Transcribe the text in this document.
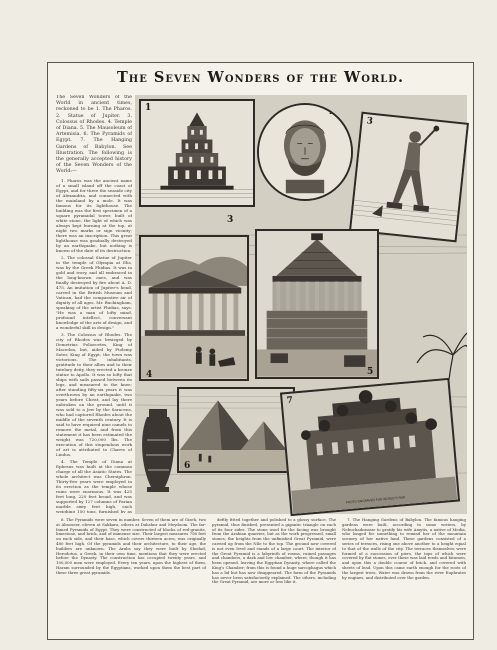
The Seven Wonders of the World.

The Seven Wonders of the World in ancient times, reckoned to be 1. The Pharos. 2. Statue of Jupiter. 3. Colossus of Rhodes. 4. Temple of Diana. 5. The Mausoleum of Artemisia. 6. The Pyramids of Egypt. 7. The Hanging Gardens of Babylon. See Illustration. The following is the generally accepted history of the Seven Wonders of the World:—

1. Pharos was the ancient name of a small island off the coast of Egypt, and for three the seaside city of Alexandria, and connected with the mainland by a mole. It was famous for its lighthouse. The building was the first specimen of a square pyramidal tower, built of white stone, the light of which was always kept burning at the top, at night two marks or sign vicinity; there was an inscription. This great lighthouse was gradually destroyed by an earthquake, but nothing is known of the date of its destruction.

2. The colossal Statue of Jupiter in the temple of Olympia at Elis, was by the Greek Phidias. It was in gold and ivory, and all embraced in the long-known ones, and was finally destroyed by fire about A. D. 475. An imitation of Jupiter's head, carved in the British Museum and Vatican, had the comparative air of dignity of all ages. Mr. Buckingham, speaking of the artist Phidias, says: "He was a man of lofty mind, profound intellect, conversant knowledge of the arts of design, and a wonderful skill in design."

3. The Colossus of Rhodes. The city of Rhodes was besieged by Demetrius Poliorcetes, King of Macedon, but, aided by Ptolemy Soter, King of Egypt, the town was victorious. The inhabitants, gratitude to their allies and to their tutelary deity, they erected a bronze statue to Apollo. It was so lofty that ships with sails passed between its legs, and measured to the knee; after standing fifty-six years it was overthrown by an earthquake, two years before Christ, and lay there unbroken on the ground, until it was sold to a Jew by the Saracens, who had captured Rhodes about the middle of the seventh century. It is said to have required nine camels to remove the metal, and from this statement it has been estimated the weight was 720,000 lbs. The execution of this stupendous work of art is attributed to Chares of Lindus.

4. The Temple of Diana at Ephesus was built at the common charge of all the Asiatic States. The whole architect was Chersiphron. Thirty-five years were employed in its erection as the temple whose ruins were enormous. It was 425 feet long, 220 feet broad, and was supported by 127 columns of Parian marble sixty feet high, each weighing 150 tons, furnished by as

1	2
3
3
4	5
6
PHOTO-ENGRAVED FOR WORLD'S FAIR
7

6. The Pyramids were seven in number. Seven of them are of Gizeh, two at Abooseer, eleven at Sakkara, others at Dahshur and Meydoom. The far-famed Pyramids of Egypt. They were constructed of blocks of red-granite, limestone, and brick, and of immense size. Their largest measures 756 feet on each side, and their base, which covers thirteen acres, was originally 480 feet high. Of the pyramids and their architecture, to their age, the builders are unknown. The Arabs say they were built by Shedad; Herodotus, a Greek, in their own time, mentions that they were erected before the Dynasty. The construction has occupied twenty years, and 100,000 men were employed. Every ten years, upon the highest of them, Haram surrounded by the Egyptians, worked upon them the best part of these three great pyramids.

deftly fitted together and polished to a glossy surface. The pyramid, thus finished, presented a gigantic triangle on each of its four sides. The stone used for the facing was brought from the Arabian quarries, but as the work progressed, small stones, the heights from the unfinished Great Pyramid, were carried up from the Nile to the top. The ground now covered is not even level and stands of a large court. The interior of the Great Pyramid is a labyrinth of rooms, ruined passages and chambers, a dark and low chamber, where, though it has been opened, leaving the Egyptian Dynasty, where called the King's Chamber; from this is found a huge sarcophagus which has a lid but has now disappeared. The form of the Pyramids has never been satisfactorily explained. The others, including the Great Pyramid, are more or less like it.

7. The Hanging Gardens of Babylon. The famous hanging gardens were built, according to some writers, by Nebuchadnezzar to gratify his wife Amytis, a native of Media, who longed for something to remind her of the mountain scenery of her native land. These gardens consisted of a series of terraces, rising one above another to a height equal to that of the walls of the city. The terraces themselves were formed of a succession of piers, the tops of which were covered by flat stones, over these was laid reeds and bitumen, and upon this a double course of brick, and covered with sheets of lead. Upon this came earth enough for the roots of the largest trees. Water was drawn from the river Euphrates by engines, and distributed over the garden.
